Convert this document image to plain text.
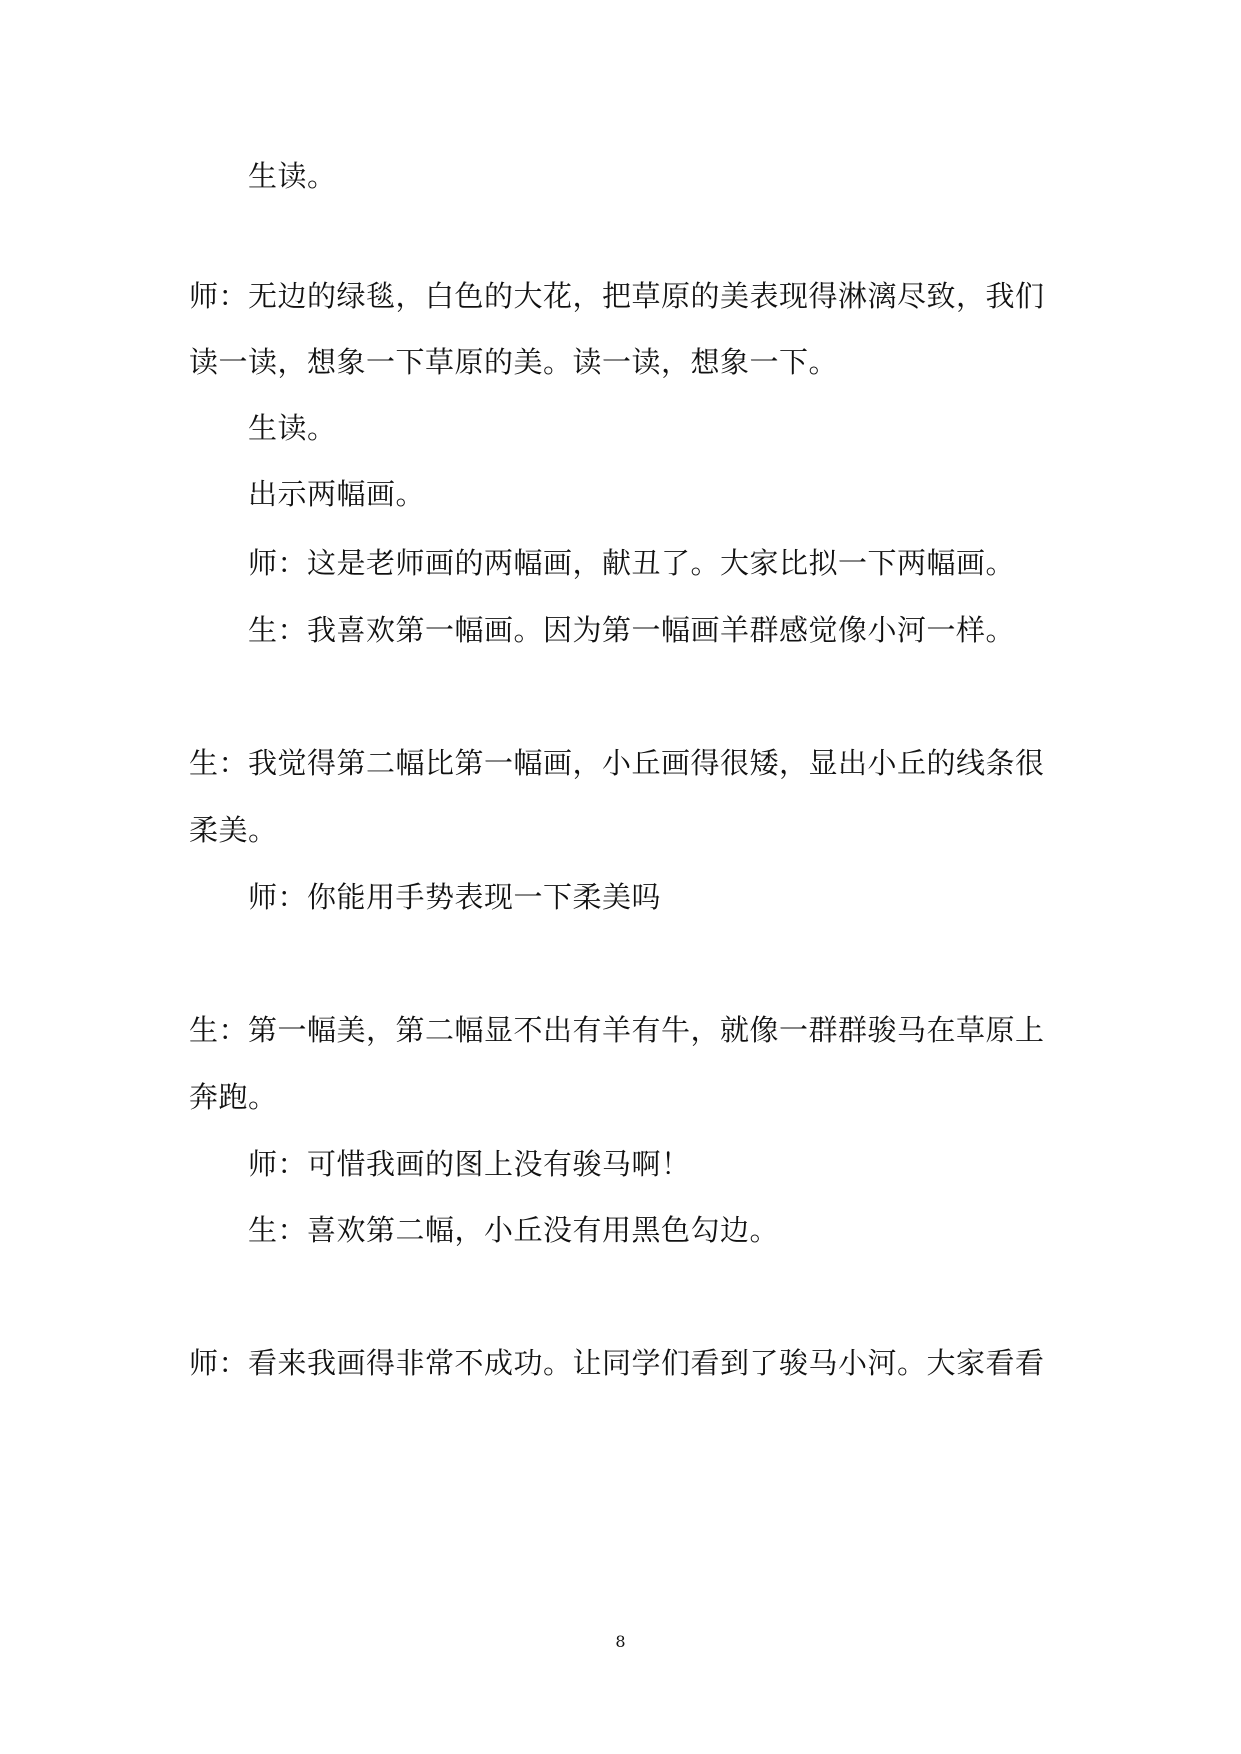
生读。
师：无边的绿毯，白色的大花，把草原的美表现得淋漓尽致，我们
读一读，想象一下草原的美。读一读，想象一下。
生读。
出示两幅画。
师：这是老师画的两幅画，献丑了。大家比拟一下两幅画。
生：我喜欢第一幅画。因为第一幅画羊群感觉像小河一样。
生：我觉得第二幅比第一幅画，小丘画得很矮，显出小丘的线条很
柔美。
师：你能用手势表现一下柔美吗
生：第一幅美，第二幅显不出有羊有牛，就像一群群骏马在草原上
奔跑。
师：可惜我画的图上没有骏马啊！
生：喜欢第二幅，小丘没有用黑色勾边。
师：看来我画得非常不成功。让同学们看到了骏马小河。大家看看
8
